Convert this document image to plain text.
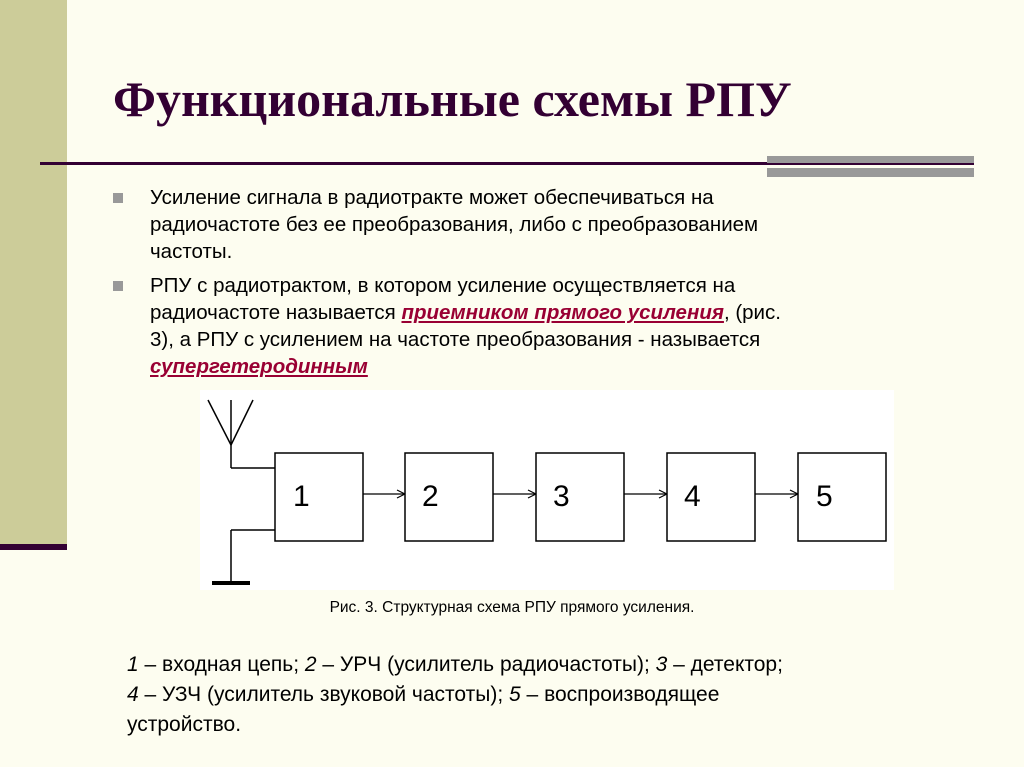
Функциональные схемы РПУ
Усиление сигнала в радиотракте может обеспечиваться на
радиочастоте без ее преобразования, либо с преобразованием
частоты.
РПУ с радиотрактом, в котором усиление осуществляется на
радиочастоте называется приемником прямого усиления, (рис.
3), а РПУ с усилением на частоте преобразования - называется
супергетеродинным
1	2	3	4	5
Рис. 3. Структурная схема РПУ прямого усиления.
1 – входная цепь; 2 – УРЧ (усилитель радиочастоты); 3 – детектор;
4 – УЗЧ (усилитель звуковой частоты); 5 – воспроизводящее
устройство.
